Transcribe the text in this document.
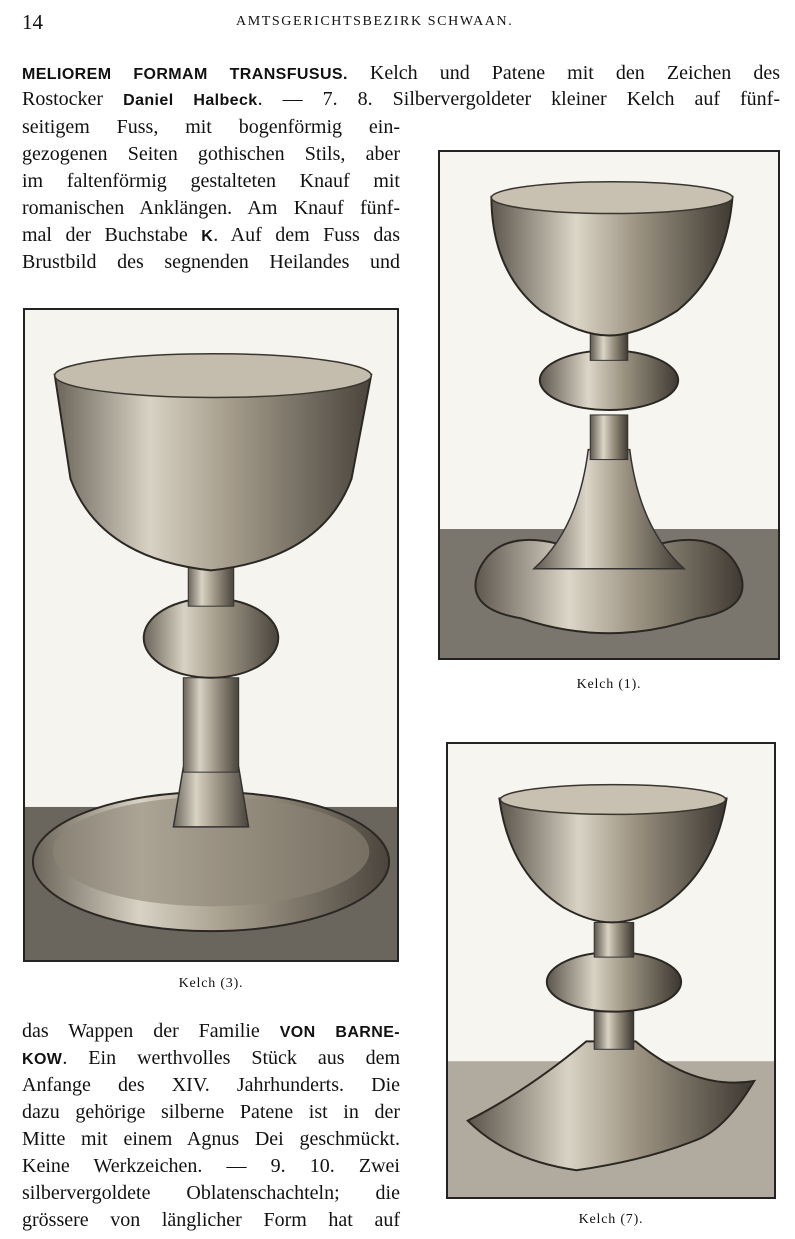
14	AMTSGERICHTSBEZIRK SCHWAAN.
MELIOREM FORMAM TRANSFUSUS. Kelch und Patene mit den Zeichen des
Rostocker Daniel Halbeck. — 7. 8. Silbervergoldeter kleiner Kelch auf fünf-
seitigem Fuss, mit bogenförmig ein-
gezogenen Seiten gothischen Stils, aber
im faltenförmig gestalteten Knauf mit
romanischen Anklängen. Am Knauf fünf-
mal der Buchstabe K. Auf dem Fuss das
Brustbild des segnenden Heilandes und
Kelch (3).
Kelch (1).
Kelch (7).
das Wappen der Familie VON BARNE-
KOW. Ein werthvolles Stück aus dem
Anfange des XIV. Jahrhunderts. Die
dazu gehörige silberne Patene ist in der
Mitte mit einem Agnus Dei geschmückt.
Keine Werkzeichen. — 9. 10. Zwei
silbervergoldete Oblatenschachteln; die
grössere von länglicher Form hat auf
